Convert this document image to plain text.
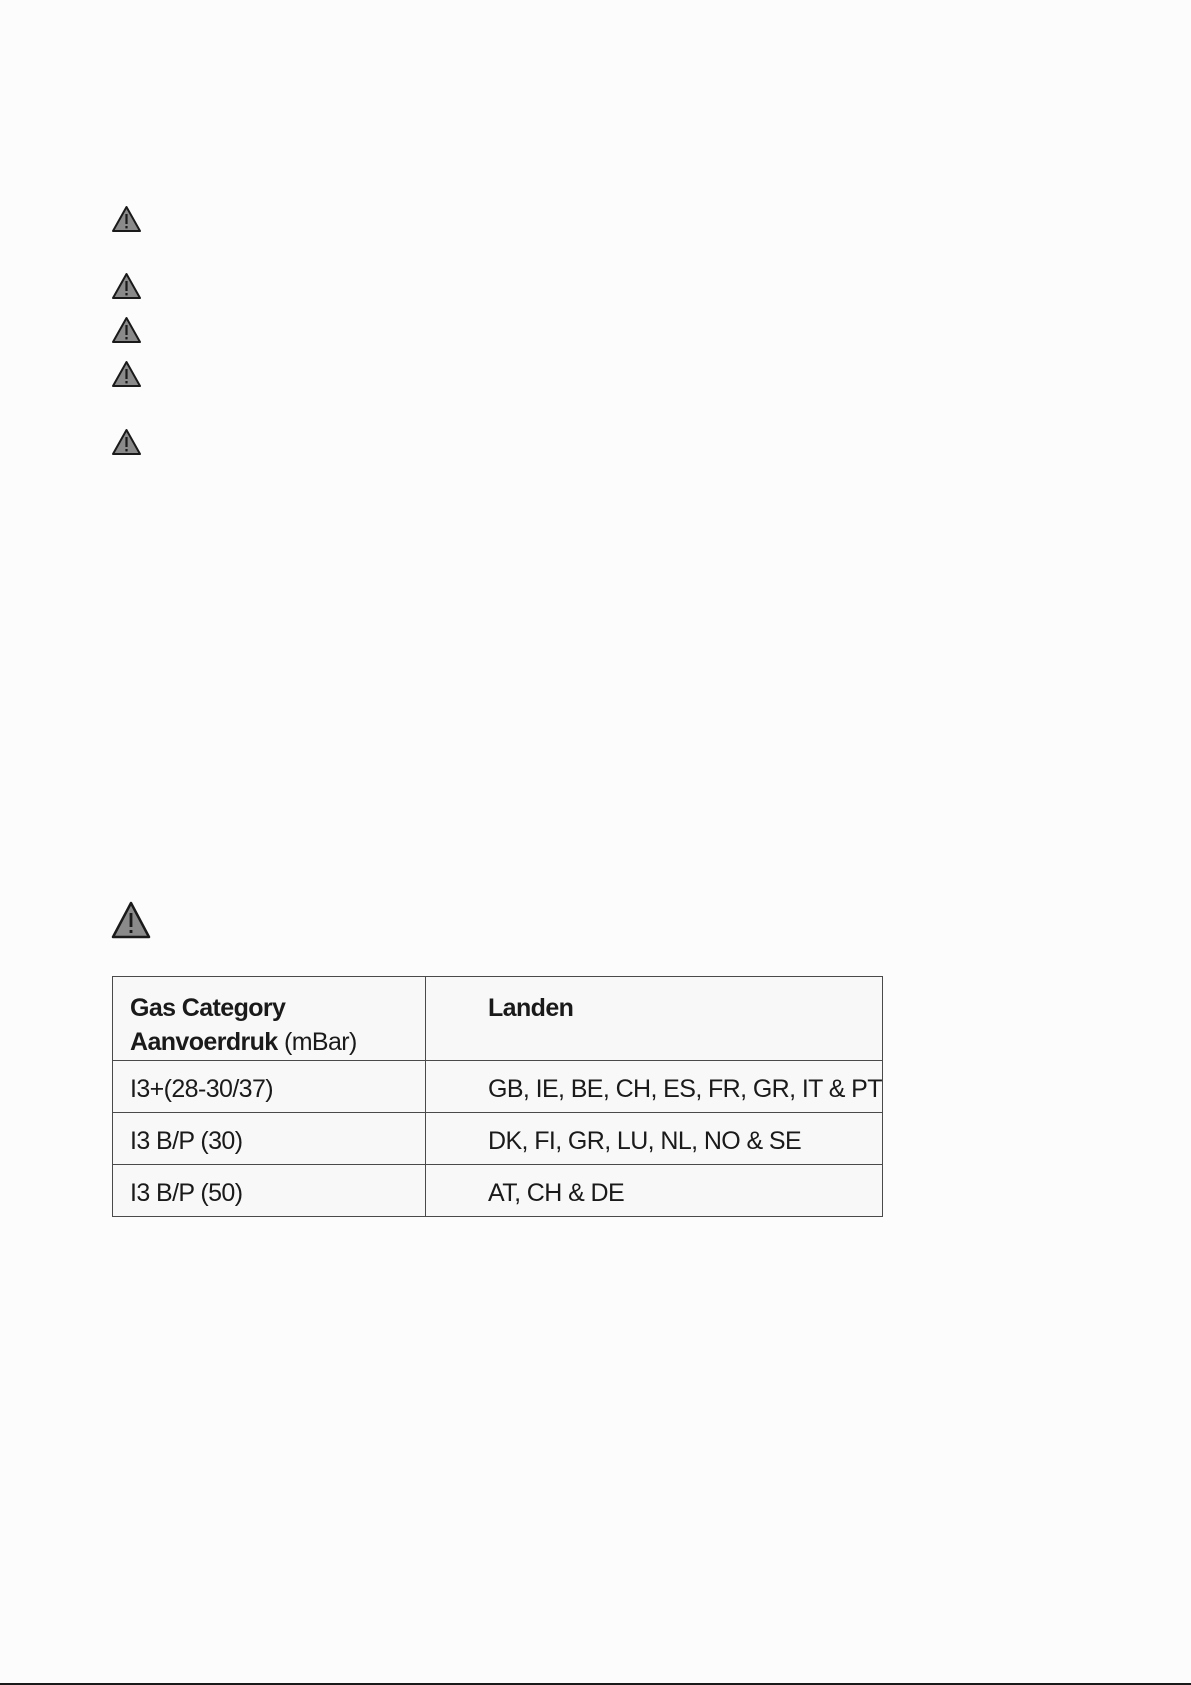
Gas Category
Aanvoerdruk (mBar)	Landen
I3+(28-30/37)	GB, IE, BE, CH, ES, FR, GR, IT & PT
I3 B/P (30)	DK, FI, GR, LU, NL, NO & SE
I3 B/P (50)	AT, CH & DE
